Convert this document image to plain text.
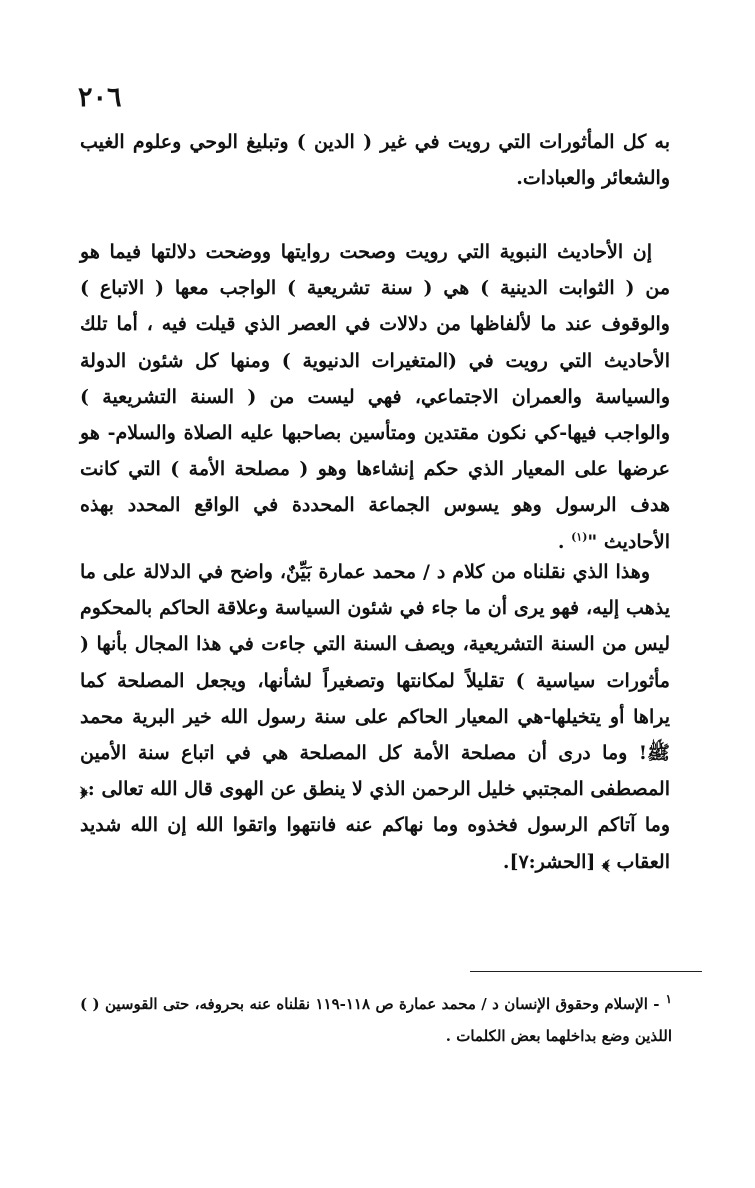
٢٠٦
به كل المأثورات التي رويت في غير ( الدين ) وتبليغ الوحي وعلوم الغيب والشعائر والعبادات.
إن الأحاديث النبوية التي رويت وصحت روايتها ووضحت دلالتها فيما هو من ( الثوابت الدينية ) هي ( سنة تشريعية ) الواجب معها ( الاتباع ) والوقوف عند ما لألفاظها من دلالات في العصر الذي قيلت فيه ، أما تلك الأحاديث التي رويت في (المتغيرات الدنيوية ) ومنها كل شئون الدولة والسياسة والعمران الاجتماعي، فهي ليست من ( السنة التشريعية ) والواجب فيها-كي نكون مقتدين ومتأسين بصاحبها عليه الصلاة والسلام- هو عرضها على المعيار الذي حكم إنشاءها وهو ( مصلحة الأمة ) التي كانت هدف الرسول وهو يسوس الجماعة المحددة في الواقع المحدد بهذه الأحاديث "$^{(١)}$ .
وهذا الذي نقلناه من كلام د / محمد عمارة بَيِّنٌ، واضح في الدلالة على ما يذهب إليه، فهو يرى أن ما جاء في شئون السياسة وعلاقة الحاكم بالمحكوم ليس من السنة التشريعية، ويصف السنة التي جاءت في هذا المجال بأنها ( مأثورات سياسية ) تقليلاً لمكانتها وتصغيراً لشأنها، ويجعل المصلحة كما يراها أو يتخيلها-هي المعيار الحاكم على سنة رسول الله خير البرية محمد ﷺ! وما درى أن مصلحة الأمة كل المصلحة هي في اتباع سنة الأمين المصطفى المجتبي خليل الرحمن الذي لا ينطق عن الهوى قال الله تعالى :﴿ وما آتاكم الرسول فخذوه وما نهاكم عنه فانتهوا واتقوا الله إن الله شديد العقاب ﴾ [الحشر:٧].
$^١$- الإسلام وحقوق الإنسان د / محمد عمارة ص ١١٨-١١٩ نقلناه عنه بحروفه، حتى القوسين ( ) اللذين وضع بداخلهما بعض الكلمات .
